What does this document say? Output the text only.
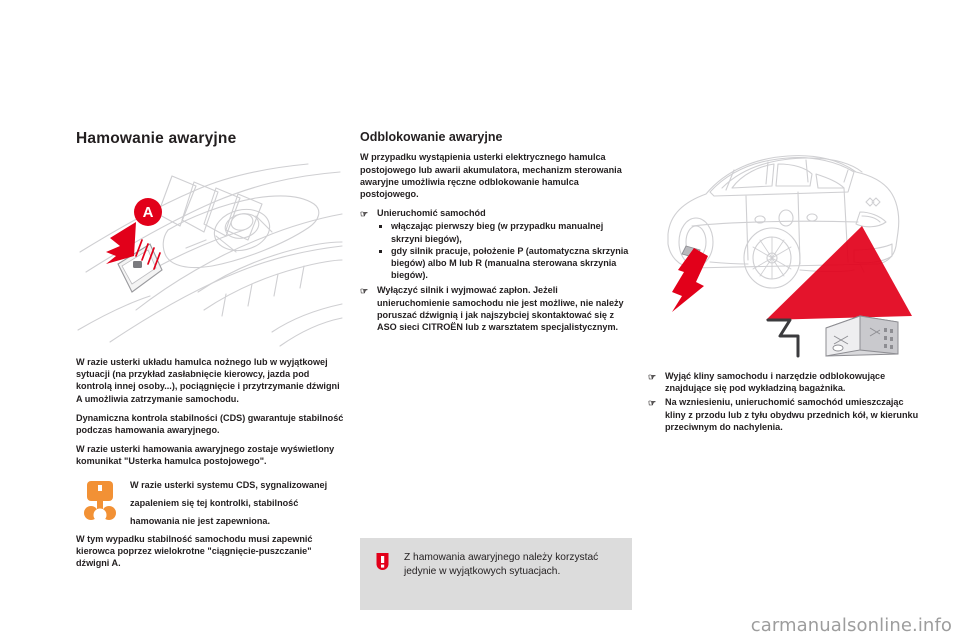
Hamowanie awaryjne
A

W razie usterki układu hamulca nożnego lub w wyjątkowej sytuacji (na przykład zasłabnięcie kierowcy, jazda pod kontrolą innej osoby...), pociągnięcie i przytrzymanie dźwigni A umożliwia zatrzymanie samochodu.

Dynamiczna kontrola stabilności (CDS) gwarantuje stabilność podczas hamowania awaryjnego.

W razie usterki hamowania awaryjnego zostaje wyświetlony komunikat "Usterka hamulca postojowego".

W razie usterki systemu CDS, sygnalizowanej zapaleniem się tej kontrolki, stabilność hamowania nie jest zapewniona.

W tym wypadku stabilność samochodu musi zapewnić kierowca poprzez wielokrotne "ciągnięcie-puszczanie" dźwigni A.

Odblokowanie awaryjne

W przypadku wystąpienia usterki elektrycznego hamulca postojowego lub awarii akumulatora, mechanizm sterowania awaryjne umożliwia ręczne odblokowanie hamulca postojowego.

☞ Unieruchomić samochód
włączając pierwszy bieg (w przypadku manualnej skrzyni biegów),
gdy silnik pracuje, położenie P (automatyczna skrzynia biegów) albo M lub R (manualna sterowana skrzynia biegów).
☞ Wyłączyć silnik i wyjmować zapłon. Jeżeli unieruchomienie samochodu nie jest możliwe, nie należy poruszać dźwignią i jak najszybciej skontaktować się z ASO sieci CITROËN lub z warsztatem specjalistycznym.
Z hamowania awaryjnego należy korzystać jedynie w wyjątkowych sytuacjach.
☞ Wyjąć kliny samochodu i narzędzie odblokowujące znajdujące się pod wykładziną bagażnika.
☞ Na wzniesieniu, unieruchomić samochód umieszczając kliny z przodu lub z tyłu obydwu przednich kół, w kierunku przeciwnym do nachylenia.
carmanualsonline.info
